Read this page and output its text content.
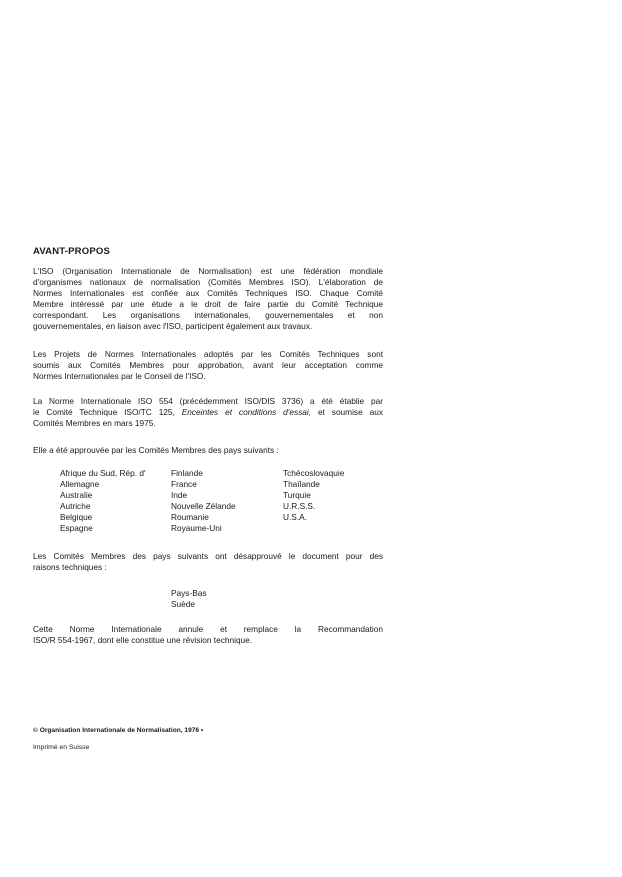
AVANT-PROPOS
L'ISO (Organisation Internationale de Normalisation) est une fédération mondiale
d'organismes nationaux de normalisation (Comités Membres ISO). L'élaboration de
Normes Internationales est confiée aux Comités Techniques ISO. Chaque Comité
Membre intéressé par une étude a le droit de faire partie du Comité Technique
correspondant. Les organisations internationales, gouvernementales et non
gouvernementales, en liaison avec l'ISO, participent également aux travaux.
Les Projets de Normes Internationales adoptés par les Comités Techniques sont
soumis aux Comités Membres pour approbation, avant leur acceptation comme
Normes Internationales par le Conseil de l'ISO.
La Norme Internationale ISO 554 (précédemment ISO/DIS 3736) a été établie par
le Comité Technique ISO/TC 125, Enceintes et conditions d'essai, et soumise aux
Comités Membres en mars 1975.
Elle a été approuvée par les Comités Membres des pays suivants :
Afrique du Sud, Rép. d'
Allemagne
Australie
Autriche
Belgique
Espagne
Finlande
France
Inde
Nouvelle Zélande
Roumanie
Royaume-Uni
Tchécoslovaquie
Thaïlande
Turquie
U.R.S.S.
U.S.A.
Les Comités Membres des pays suivants ont désapprouvé le document pour des
raisons techniques :
Pays-Bas
Suède
Cette Norme Internationale annule et remplace la Recommandation
ISO/R 554-1967, dont elle constitue une révision technique.
© Organisation Internationale de Normalisation, 1976 •
Imprimé en Suisse
